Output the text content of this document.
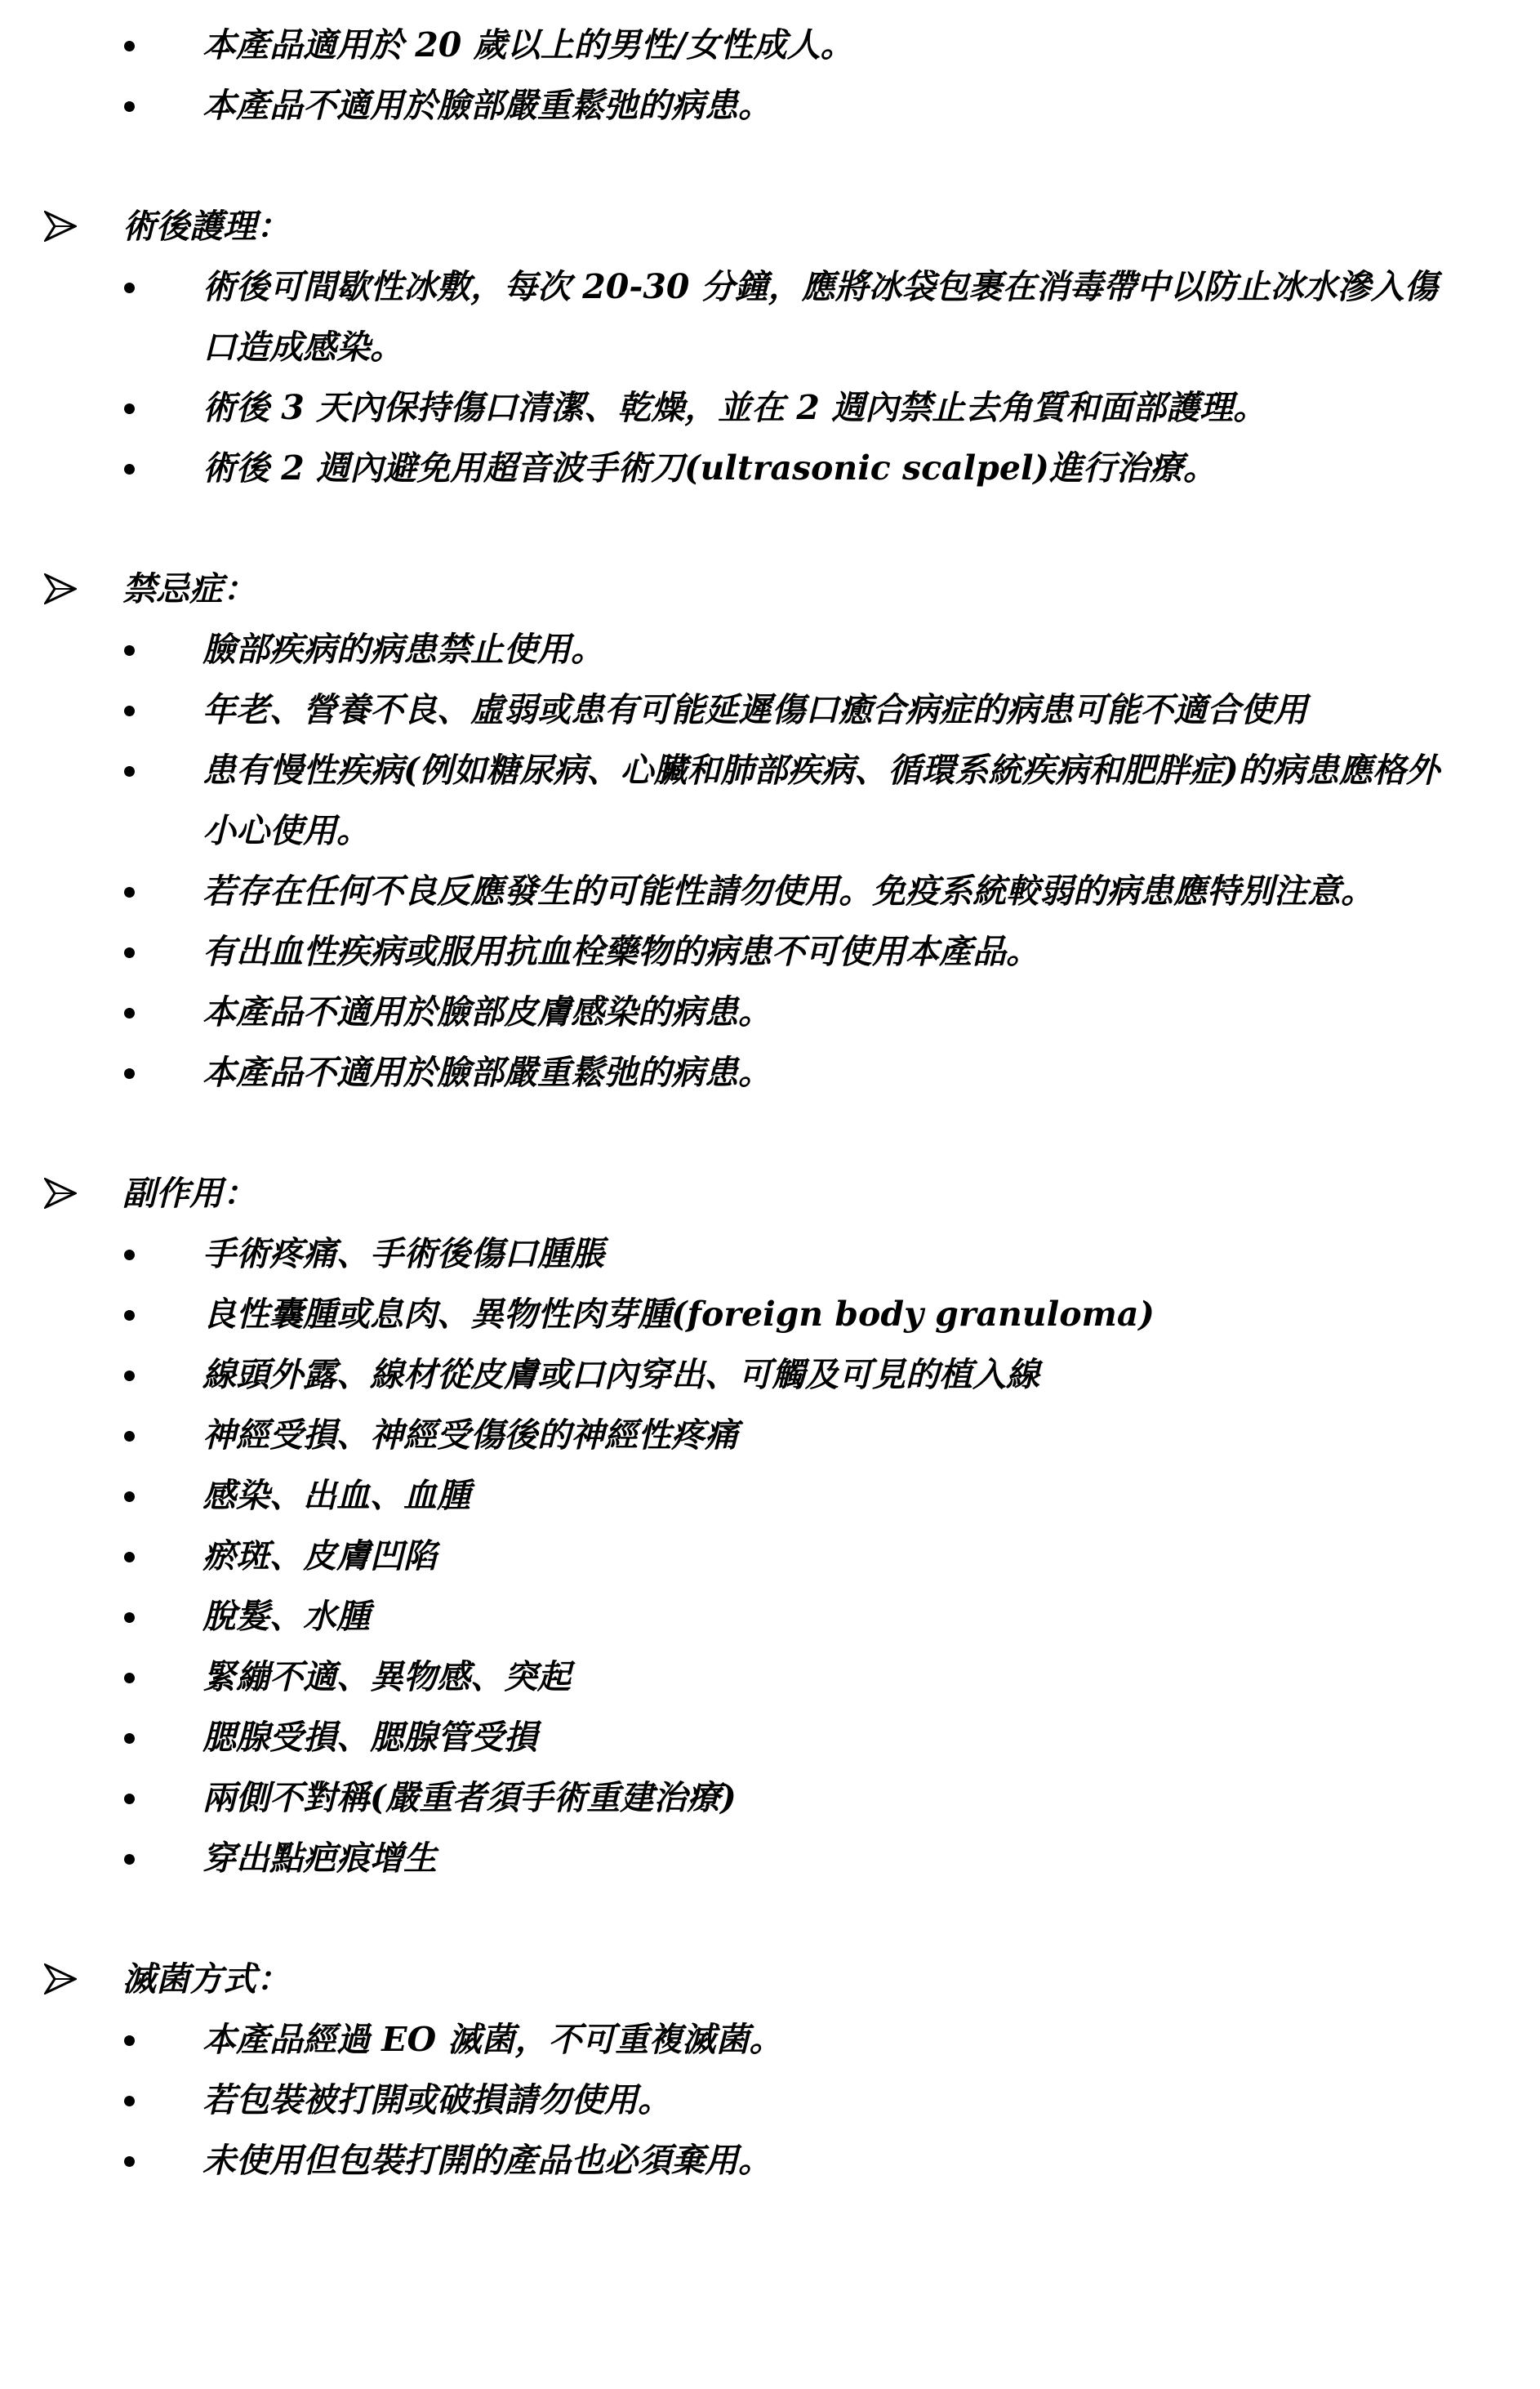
本產品適用於 20 歲以上的男性/女性成人。
本產品不適用於臉部嚴重鬆弛的病患。
術後護理：
術後可間歇性冰敷，每次 20-30 分鐘，應將冰袋包裹在消毒帶中以防止冰水滲入傷口造成感染。
術後 3 天內保持傷口清潔、乾燥，並在 2 週內禁止去角質和面部護理。
術後 2 週內避免用超音波手術刀(ultrasonic scalpel)進行治療。
禁忌症：
臉部疾病的病患禁止使用。
年老、營養不良、虛弱或患有可能延遲傷口癒合病症的病患可能不適合使用
患有慢性疾病(例如糖尿病、心臟和肺部疾病、循環系統疾病和肥胖症)的病患應格外小心使用。
若存在任何不良反應發生的可能性請勿使用。免疫系統較弱的病患應特別注意。
有出血性疾病或服用抗血栓藥物的病患不可使用本產品。
本產品不適用於臉部皮膚感染的病患。
本產品不適用於臉部嚴重鬆弛的病患。
副作用：
手術疼痛、手術後傷口腫脹
良性囊腫或息肉、異物性肉芽腫(foreign body granuloma)
線頭外露、線材從皮膚或口內穿出、可觸及可見的植入線
神經受損、神經受傷後的神經性疼痛
感染、出血、血腫
瘀斑、皮膚凹陷
脫髮、水腫
緊繃不適、異物感、突起
腮腺受損、腮腺管受損
兩側不對稱(嚴重者須手術重建治療)
穿出點疤痕增生
滅菌方式：
本產品經過 EO 滅菌，不可重複滅菌。
若包裝被打開或破損請勿使用。
未使用但包裝打開的產品也必須棄用。
